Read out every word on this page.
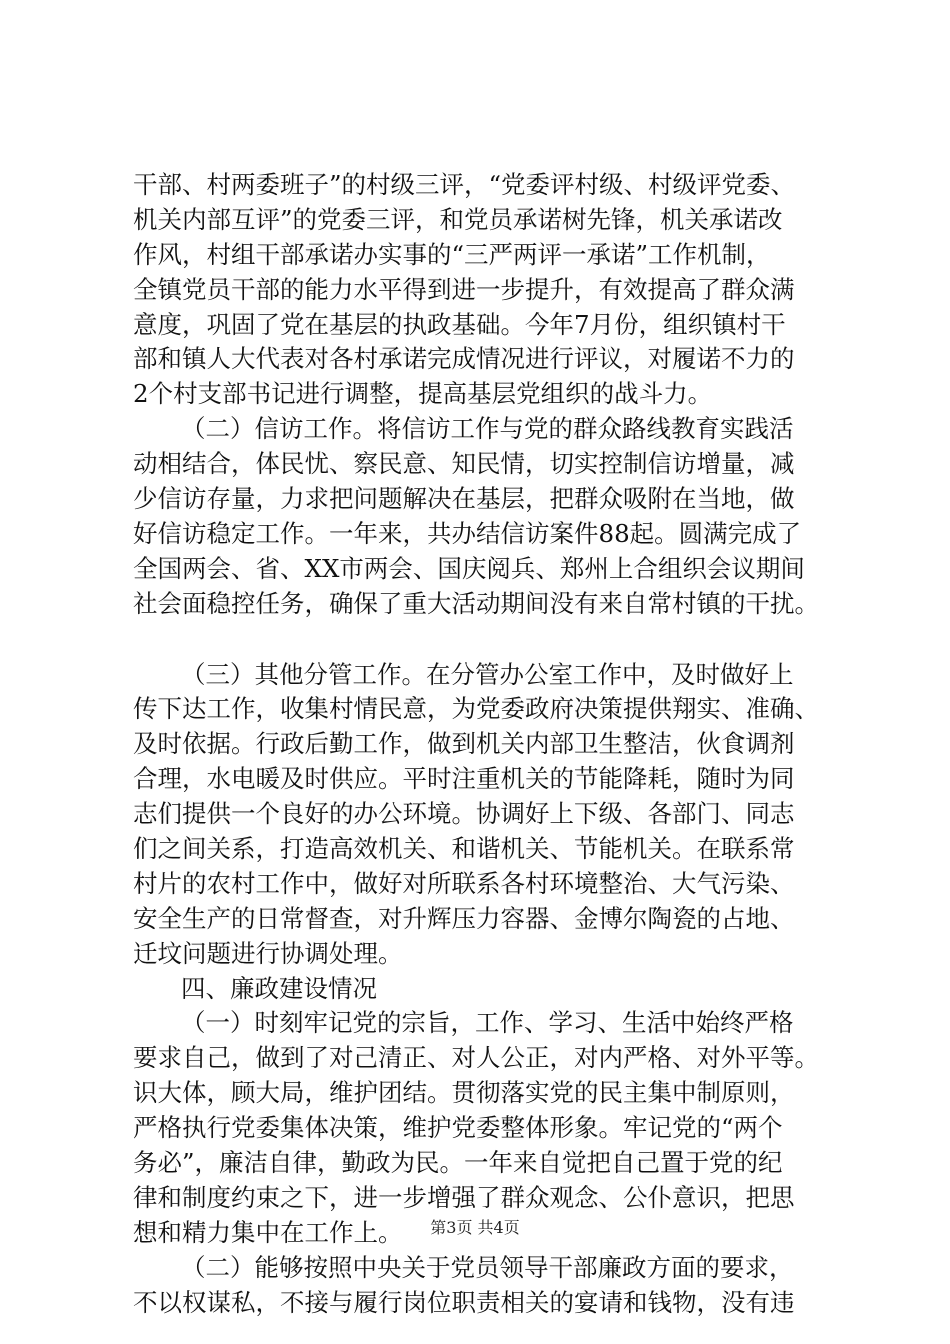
干部、村两委班子”的村级三评，“党委评村级、村级评党委、
机关内部互评”的党委三评，和党员承诺树先锋，机关承诺改
作风，村组干部承诺办实事的“三严两评一承诺”工作机制，
全镇党员干部的能力水平得到进一步提升，有效提高了群众满
意度，巩固了党在基层的执政基础。今年7月份，组织镇村干
部和镇人大代表对各村承诺完成情况进行评议，对履诺不力的
2个村支部书记进行调整，提高基层党组织的战斗力。
（二）信访工作。将信访工作与党的群众路线教育实践活
动相结合，体民忧、察民意、知民情，切实控制信访增量，减
少信访存量，力求把问题解决在基层，把群众吸附在当地，做
好信访稳定工作。一年来，共办结信访案件88起。圆满完成了
全国两会、省、XX市两会、国庆阅兵、郑州上合组织会议期间
社会面稳控任务，确保了重大活动期间没有来自常村镇的干扰。
（三）其他分管工作。在分管办公室工作中，及时做好上
传下达工作，收集村情民意，为党委政府决策提供翔实、准确、
及时依据。行政后勤工作，做到机关内部卫生整洁，伙食调剂
合理，水电暖及时供应。平时注重机关的节能降耗，随时为同
志们提供一个良好的办公环境。协调好上下级、各部门、同志
们之间关系，打造高效机关、和谐机关、节能机关。在联系常
村片的农村工作中，做好对所联系各村环境整治、大气污染、
安全生产的日常督查，对升辉压力容器、金博尔陶瓷的占地、
迁坟问题进行协调处理。
四、廉政建设情况
（一）时刻牢记党的宗旨，工作、学习、生活中始终严格
要求自己，做到了对己清正、对人公正，对内严格、对外平等。
识大体，顾大局，维护团结。贯彻落实党的民主集中制原则，
严格执行党委集体决策，维护党委整体形象。牢记党的“两个
务必”，廉洁自律，勤政为民。一年来自觉把自己置于党的纪
律和制度约束之下，进一步增强了群众观念、公仆意识，把思
想和精力集中在工作上。
（二）能够按照中央关于党员领导干部廉政方面的要求，
不以权谋私，不接与履行岗位职责相关的宴请和钱物，没有违
第3页 共4页
